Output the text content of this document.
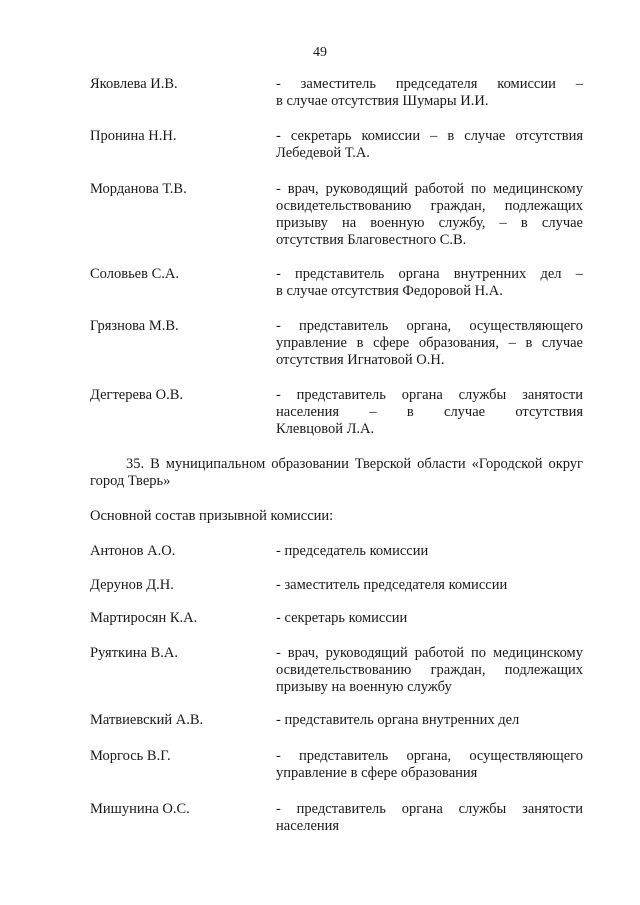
49
Яковлева И.В.	- заместитель председателя комиссии –
в случае отсутствия Шумары И.И.
Пронина Н.Н.	- секретарь комиссии – в случае отсутствия
Лебедевой Т.А.
Морданова Т.В.	- врач, руководящий работой по медицинскому
освидетельствованию граждан, подлежащих
призыву на военную службу, – в случае
отсутствия Благовестного С.В.
Соловьев С.А.	- представитель органа внутренних дел –
в случае отсутствия Федоровой Н.А.
Грязнова М.В.	- представитель органа, осуществляющего
управление в сфере образования, – в случае
отсутствия Игнатовой О.Н.
Дегтерева О.В.	- представитель органа службы занятости
населения – в случае отсутствия
Клевцовой Л.А.
35. В муниципальном образовании Тверской области «Городской округ
город Тверь»
Основной состав призывной комиссии:
Антонов А.О.	- председатель комиссии
Дерунов Д.Н.	- заместитель председателя комиссии
Мартиросян К.А.	- секретарь комиссии
Руяткина В.А.	- врач, руководящий работой по медицинскому
освидетельствованию граждан, подлежащих
призыву на военную службу
Матвиевский А.В.	- представитель органа внутренних дел
Моргось В.Г.	- представитель органа, осуществляющего
управление в сфере образования
Мишунина О.С.	- представитель органа службы занятости
населения
